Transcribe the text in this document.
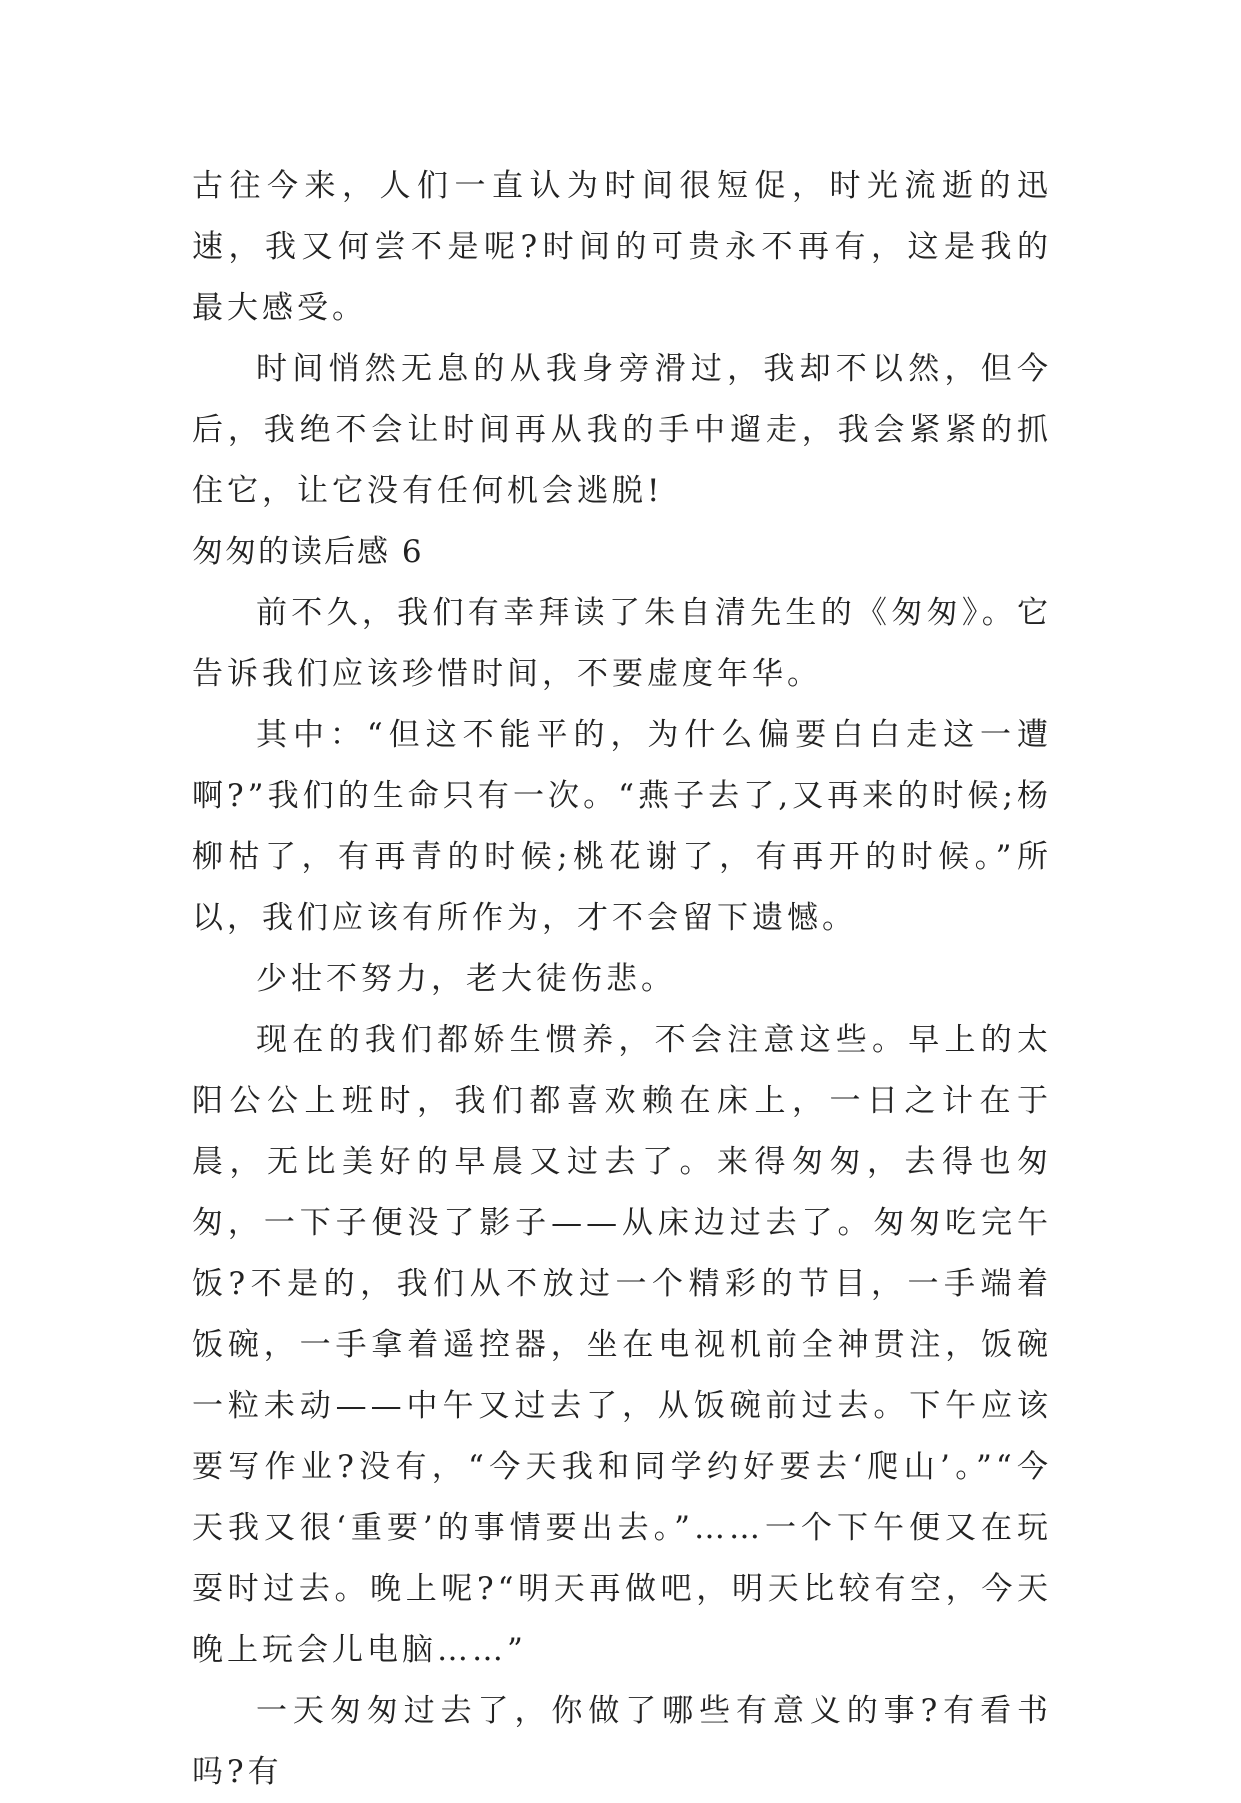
古往今来，人们一直认为时间很短促，时光流逝的迅速，我又何尝不是呢?时间的可贵永不再有，这是我的最大感受。

时间悄然无息的从我身旁滑过，我却不以然，但今后，我绝不会让时间再从我的手中遛走，我会紧紧的抓住它，让它没有任何机会逃脱!

匆匆的读后感 6

前不久，我们有幸拜读了朱自清先生的《匆匆》。它告诉我们应该珍惜时间，不要虚度年华。

其中：“但这不能平的，为什么偏要白白走这一遭啊?”我们的生命只有一次。“燕子去了,又再来的时候;杨柳枯了，有再青的时候;桃花谢了，有再开的时候。”所以，我们应该有所作为，才不会留下遗憾。

少壮不努力，老大徒伤悲。

现在的我们都娇生惯养，不会注意这些。早上的太阳公公上班时，我们都喜欢赖在床上，一日之计在于晨，无比美好的早晨又过去了。来得匆匆，去得也匆匆，一下子便没了影子——从床边过去了。匆匆吃完午饭?不是的，我们从不放过一个精彩的节目，一手端着饭碗，一手拿着遥控器，坐在电视机前全神贯注，饭碗一粒未动——中午又过去了，从饭碗前过去。下午应该要写作业?没有，“今天我和同学约好要去‘爬山’。”“今天我又很‘重要’的事情要出去。”……一个下午便又在玩耍时过去。晚上呢?“明天再做吧，明天比较有空，今天晚上玩会儿电脑……”

一天匆匆过去了，你做了哪些有意义的事?有看书吗?有
